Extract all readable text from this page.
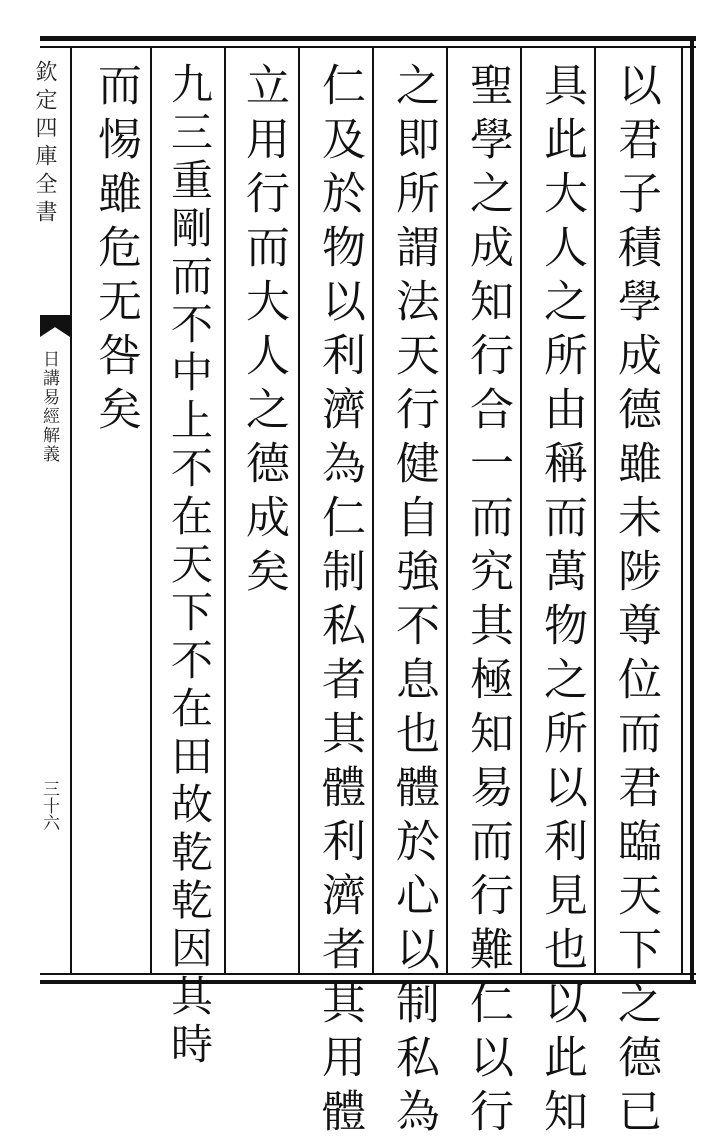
欽定四庫全書
日講易經解義
三十六	以君子積學成德雖未陟尊位而君臨天下之德已
具此大人之所由稱而萬物之所以利見也以此知
聖學之成知行合一而究其極知易而行難仁以行
之即所謂法天行健自強不息也體於心以制私為
仁及於物以利濟為仁制私者其體利濟者其用體
立用行而大人之德成矣
九三重剛而不中上不在天下不在田故乾乾因其時
而惕雖危无咎矣
